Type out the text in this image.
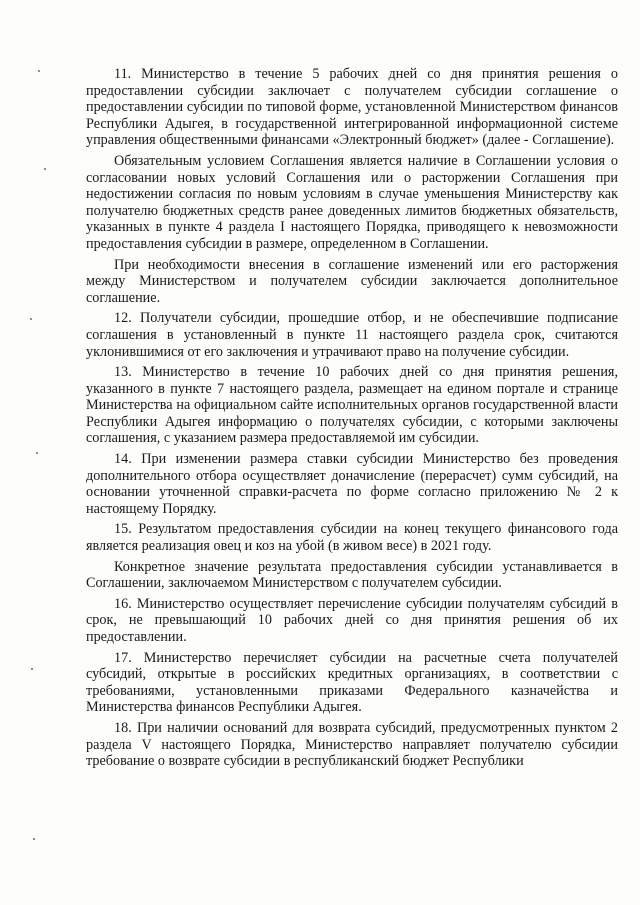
11. Министерство в течение 5 рабочих дней со дня принятия решения о предоставлении субсидии заключает с получателем субсидии соглашение о предоставлении субсидии по типовой форме, установленной Министерством финансов Республики Адыгея, в государственной интегрированной информационной системе управления общественными финансами «Электронный бюджет» (далее - Соглашение).

Обязательным условием Соглашения является наличие в Соглашении условия о согласовании новых условий Соглашения или о расторжении Соглашения при недостижении согласия по новым условиям в случае уменьшения Министерству как получателю бюджетных средств ранее доведенных лимитов бюджетных обязательств, указанных в пункте 4 раздела I настоящего Порядка, приводящего к невозможности предоставления субсидии в размере, определенном в Соглашении.

При необходимости внесения в соглашение изменений или его расторжения между Министерством и получателем субсидии заключается дополнительное соглашение.

12. Получатели субсидии, прошедшие отбор, и не обеспечившие подписание соглашения в установленный в пункте 11 настоящего раздела срок, считаются уклонившимися от его заключения и утрачивают право на получение субсидии.

13. Министерство в течение 10 рабочих дней со дня принятия решения, указанного в пункте 7 настоящего раздела, размещает на едином портале и странице Министерства на официальном сайте исполнительных органов государственной власти Республики Адыгея информацию о получателях субсидии, с которыми заключены соглашения, с указанием размера предоставляемой им субсидии.

14. При изменении размера ставки субсидии Министерство без проведения дополнительного отбора осуществляет доначисление (перерасчет) сумм субсидий, на основании уточненной справки-расчета по форме согласно приложению № 2 к настоящему Порядку.

15. Результатом предоставления субсидии на конец текущего финансового года является реализация овец и коз на убой (в живом весе) в 2021 году.

Конкретное значение результата предоставления субсидии устанавливается в Соглашении, заключаемом Министерством с получателем субсидии.

16. Министерство осуществляет перечисление субсидии получателям субсидий в срок, не превышающий 10 рабочих дней со дня принятия решения об их предоставлении.

17. Министерство перечисляет субсидии на расчетные счета получателей субсидий, открытые в российских кредитных организациях, в соответствии с требованиями, установленными приказами Федерального казначейства и Министерства финансов Республики Адыгея.

18. При наличии оснований для возврата субсидий, предусмотренных пунктом 2 раздела V настоящего Порядка, Министерство направляет получателю субсидии требование о возврате субсидии в республиканский бюджет Республики
